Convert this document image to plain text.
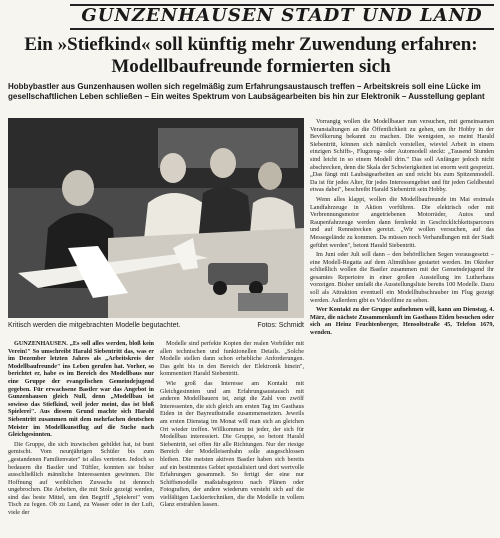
GUNZENHAUSEN STADT UND LAND
Ein »Stiefkind« soll künftig mehr Zuwendung erfahren: Modellbaufreunde formierten sich
Hobbybastler aus Gunzenhausen wollen sich regelmäßig zum Erfahrungsaustausch treffen – Arbeitskreis soll eine Lücke im gesellschaftlichen Leben schließen – Ein weites Spektrum von Laubsägearbeiten bis hin zur Elektronik – Ausstellung geplant
Kritisch werden die mitgebrachten Modelle begutachtet.	Fotos: Schmidt

GUNZENHAUSEN. „Es soll alles werden, bloß kein Verein!" So umschreibt Harald Siebentritt das, was er im Dezember letzten Jahres als „Arbeitskreis der Modellbaufreunde" ins Leben gerufen hat. Vorher, so berichtet er, habe es im Bereich des Modellbaus nur eine Gruppe der evangelischen Gemeindejugend gegeben. Für erwachsene Bastler war das Angebot in Gunzenhausen gleich Null, denn „Modellbau ist sowieso das Stiefkind, weil jeder meint, das ist bloß Spielerei". Aus diesem Grund machte sich Harald Siebentritt zusammen mit dem mehrfachen deutschen Meister im Modellkunstflug auf die Suche nach Gleichgesinnten.

Die Gruppe, die sich inzwischen gebildet hat, ist bunt gemischt. Vom neunjährigen Schüler bis zum „gestandenen Familienvater" ist alles vertreten. Jedoch so bedauern die Bastler und Tüftler, konnten sie bisher ausschließlich männliche Interessenten gewinnen. Die Hoffnung auf weiblichen Zuwachs ist dennoch ungebrochen. Die Arbeiten, die mit Stolz gezeigt werden, sind das beste Mittel, um den Begriff „Spielerei" vom Tisch zu fegen. Ob zu Land, zu Wasser oder in der Luft, viele der

Modelle sind perfekte Kopien der realen Vorbilder mit allen technischen und funktionellen Details. „Solche Modelle stellen dann schon erhebliche Anforderungen. Das geht bis in den Bereich der Elektronik hinein", kommentiert Harald Siebentritt.

Wie groß das Interesse am Kontakt mit Gleichgesinnten und am Erfahrungsaustausch mit anderen Modellbauern ist, zeigt die Zahl von zwölf Interessenten, die sich gleich am ersten Tag im Gasthaus Eiden in der Bayreuthstraße zusammensetzten. Jeweils am ersten Dienstag im Monat will man sich an gleichen Ort wieder treffen. Willkommen ist jeder, der sich für Modellbau interessiert. Die Gruppe, so betont Harald Siebentritt, sei offen für alle Richtungen. Nur der riesige Bereich der Modelleisenbahn solle ausgeschlossen bleiben. Die meisten aktiven Bastler haben sich bereits auf ein bestimmtes Gebiet spezialisiert und dort wertvolle Erfahrungen gesammelt. So fertigt der eine nur Schiffsmodelle maßstabsgetreu nach Plänen oder Fotografien, der andere wiederum versteht sich auf die vielfältigen Lackiertechniken, die die Modelle in vollem Glanz erstrahlen lassen.

Vorrangig wollen die Modellbauer nun versuchen, mit gemeinsamen Veranstaltungen an die Öffentlichkeit zu gehen, um ihr Hobby in der Bevölkerung bekannt zu machen. Die wenigsten, so meint Harald Siebentritt, können sich nämlich vorstellen, wieviel Arbeit in einem einzigen Schiffs-, Flugzeug- oder Automodell steckt: „Tausend Stunden sind leicht in so einem Modell drin." Das soll Anfänger jedoch nicht abschrecken, denn die Skala der Schwierigkeiten ist enorm weit gespreizt. „Das fängt mit Laubsägearbeiten an und reicht bis zum Spitzenmodell. Da ist für jedes Alter, für jedes Interessengebiet und für jeden Geldbeutel etwas dabei", beschreibt Harald Siebentritt sein Hobby.

Wenn alles klappt, wollen die Modellbaufreunde im Mai erstmals Landfahrzeuge in Aktion vorführen. Die elektrisch oder mit Verbrennungsmotor angetriebenen Motorräder, Autos und Raupenfahrzeuge werden dann fernlenkt in Geschicklichkeitsparcours und auf Rennstrecken gereizt. „Wir wollen versuchen, auf das Messegelände zu kommen. Da müssen noch Verhandlungen mit der Stadt geführt werden", betont Harald Siebentritt.

Im Juni oder Juli soll dann – den behördlichen Segen vorausgesetzt – eine Modell-Regatta auf dem Altmühlsee gestartet werden. Im Oktober schließlich wollen die Bastler zusammen mit der Gemeindejugend ihr gesamtes Repertoire in einer großen Ausstellung im Lutherhaus vorzeigen. Bisher umfaßt die Ausstellungsliste bereits 100 Modelle. Dazu soll als Attraktion eventuell ein Modellhubschrauber im Flug gezeigt werden. Außerdem gibt es Videofilme zu sehen.

Wer Kontakt zu der Gruppe aufnehmen will, kann am Dienstag, 4. März, die nächste Zusammenkunft im Gasthaus Eiden besuchen oder sich an Heinz Feuchtenberger, Hensoltstraße 45, Telefon 1679, wenden.
